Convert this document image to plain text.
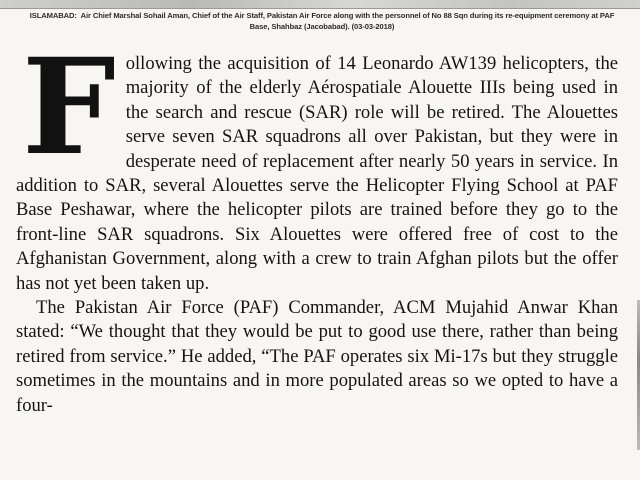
ISLAMABAD: Air Chief Marshal Sohail Aman, Chief of the Air Staff, Pakistan Air Force along with the personnel of No 88 Sqn during its re-equipment ceremony at PAF Base, Shahbaz (Jacobabad). (03-03-2018)

Following the acquisition of 14 Leonardo AW139 helicopters, the majority of the elderly Aérospatiale Alouette IIIs being used in the search and rescue (SAR) role will be retired. The Alouettes serve seven SAR squadrons all over Pakistan, but they were in desperate need of replacement after nearly 50 years in service. In addition to SAR, several Alouettes serve the Helicopter Flying School at PAF Base Peshawar, where the helicopter pilots are trained before they go to the front-line SAR squadrons. Six Alouettes were offered free of cost to the Afghanistan Government, along with a crew to train Afghan pilots but the offer has not yet been taken up.

The Pakistan Air Force (PAF) Commander, ACM Mujahid Anwar Khan stated: “We thought that they would be put to good use there, rather than being retired from service.” He added, “The PAF operates six Mi-17s but they struggle sometimes in the mountains and in more populated areas so we opted to have a four-
